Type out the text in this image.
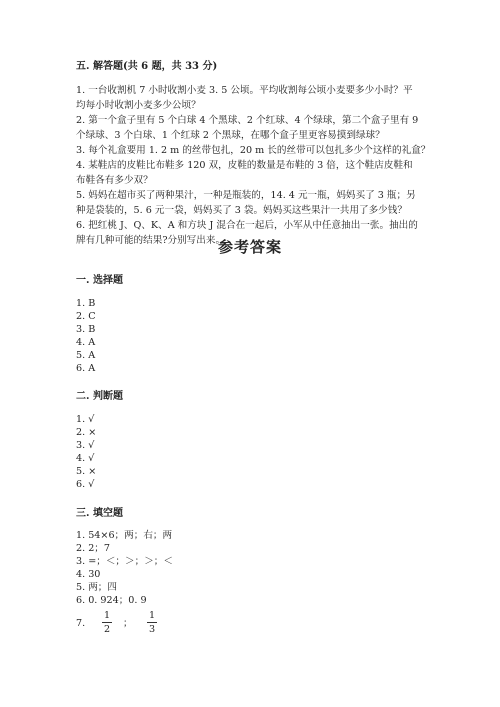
五. 解答题(共 6 题，共 33 分)
1. 一台收割机 7 小时收割小麦 3. 5 公顷。平均收割每公顷小麦要多少小时？平
均每小时收割小麦多少公顷？
2. 第一个盒子里有 5 个白球 4 个黑球、2 个红球、4 个绿球，第二个盒子里有 9
个绿球、3 个白球、1 个红球 2 个黑球，在哪个盒子里更容易摸到绿球？
3. 每个礼盒要用 1. 2 m 的丝带包扎，20 m 长的丝带可以包扎多少个这样的礼盒？
4. 某鞋店的皮鞋比布鞋多 120 双，皮鞋的数量是布鞋的 3 倍，这个鞋店皮鞋和
布鞋各有多少双？
5. 妈妈在超市买了两种果汁，一种是瓶装的，14. 4 元一瓶，妈妈买了 3 瓶；另
种是袋装的，5. 6 元一袋，妈妈买了 3 袋。妈妈买这些果汁一共用了多少钱？
6. 把红桃 J、Q、K、A 和方块 J 混合在一起后，小军从中任意抽出一张。抽出的
牌有几种可能的结果?分别写出来。
参考答案
一. 选择题
1. B
2. C
3. B
4. A
5. A
6. A
二. 判断题
1. √
2. ×
3. √
4. √
5. ×
6. √
三. 填空题
1. 54×6；两；右；两
2. 2；7
3. =；＜；＞；＞；＜
4. 30
5. 两；四
6. 0. 924；0. 9
7.
1
2
；
1
3
